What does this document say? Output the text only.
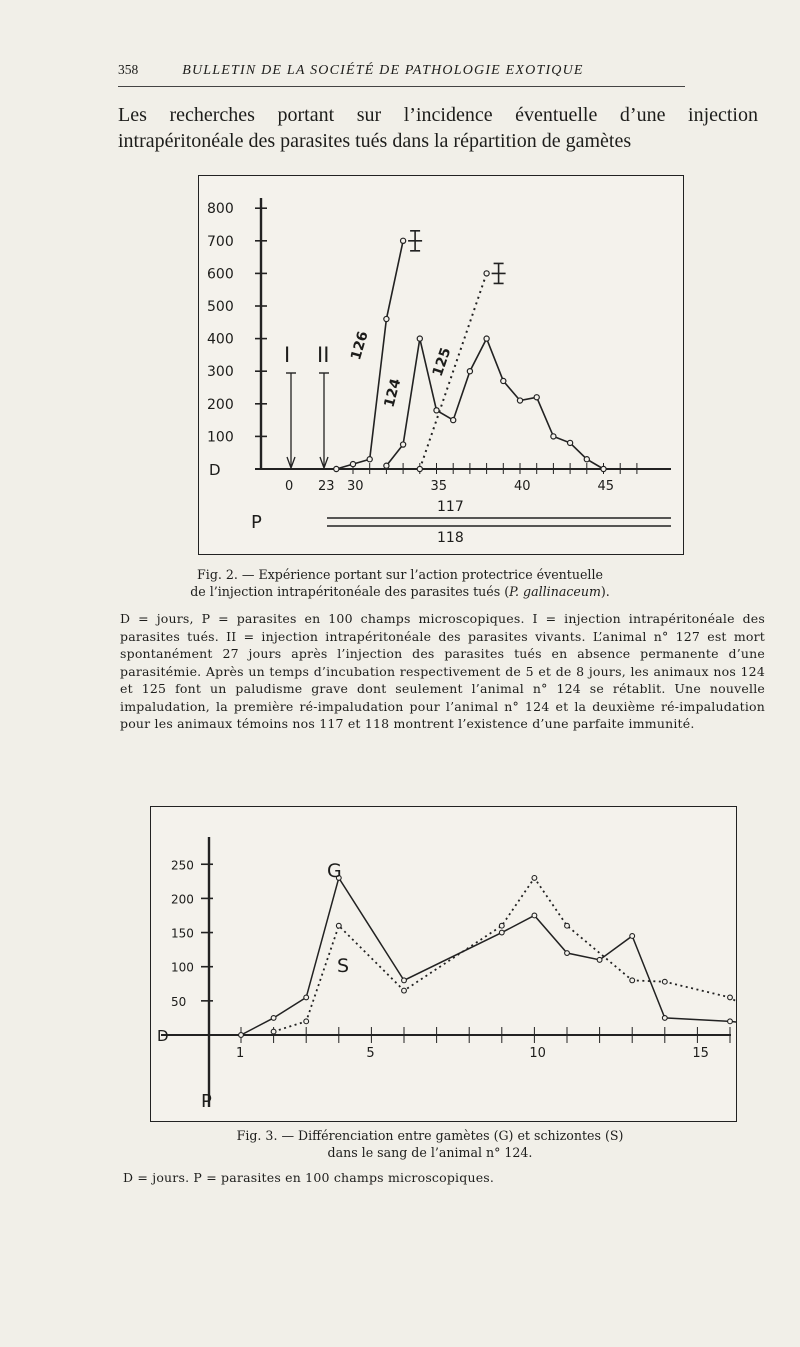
358	BULLETIN DE LA SOCIÉTÉ DE PATHOLOGIE EXOTIQUE
Les recherches portant sur l’incidence éventuelle d’une injection intrapéritonéale des parasites tués dans la répartition de gamètes
D
P
800
700
600
500
400
300
200
100
0 23 30	35	40	45
I II 126
124
125
117
118
Fig. 2. — Expérience portant sur l’action protectrice éventuelle
de l’injection intrapéritonéale des parasites tués (P. gallinaceum).
D = jours, P = parasites en 100 champs microscopiques. I = injection intrapéritonéale des parasites tués. II = injection intrapéritonéale des parasites vivants. L’animal n° 127 est mort spontanément 27 jours après l’injection des parasites tués en absence permanente d’une parasitémie. Après un temps d’incubation respectivement de 5 et de 8 jours, les animaux nos 124 et 125 font un paludisme grave dont seulement l’animal n° 124 se rétablit. Une nouvelle impaludation, la première ré-impaludation pour l’animal n° 124 et la deuxième ré-impaludation pour les animaux témoins nos 117 et 118 montrent l’existence d’une parfaite immunité.
D
P
250
200
150
100
50
1	5	10	15
G
S
Fig. 3. — Différenciation entre gamètes (G) et schizontes (S)
dans le sang de l’animal n° 124.
D = jours. P = parasites en 100 champs microscopiques.
